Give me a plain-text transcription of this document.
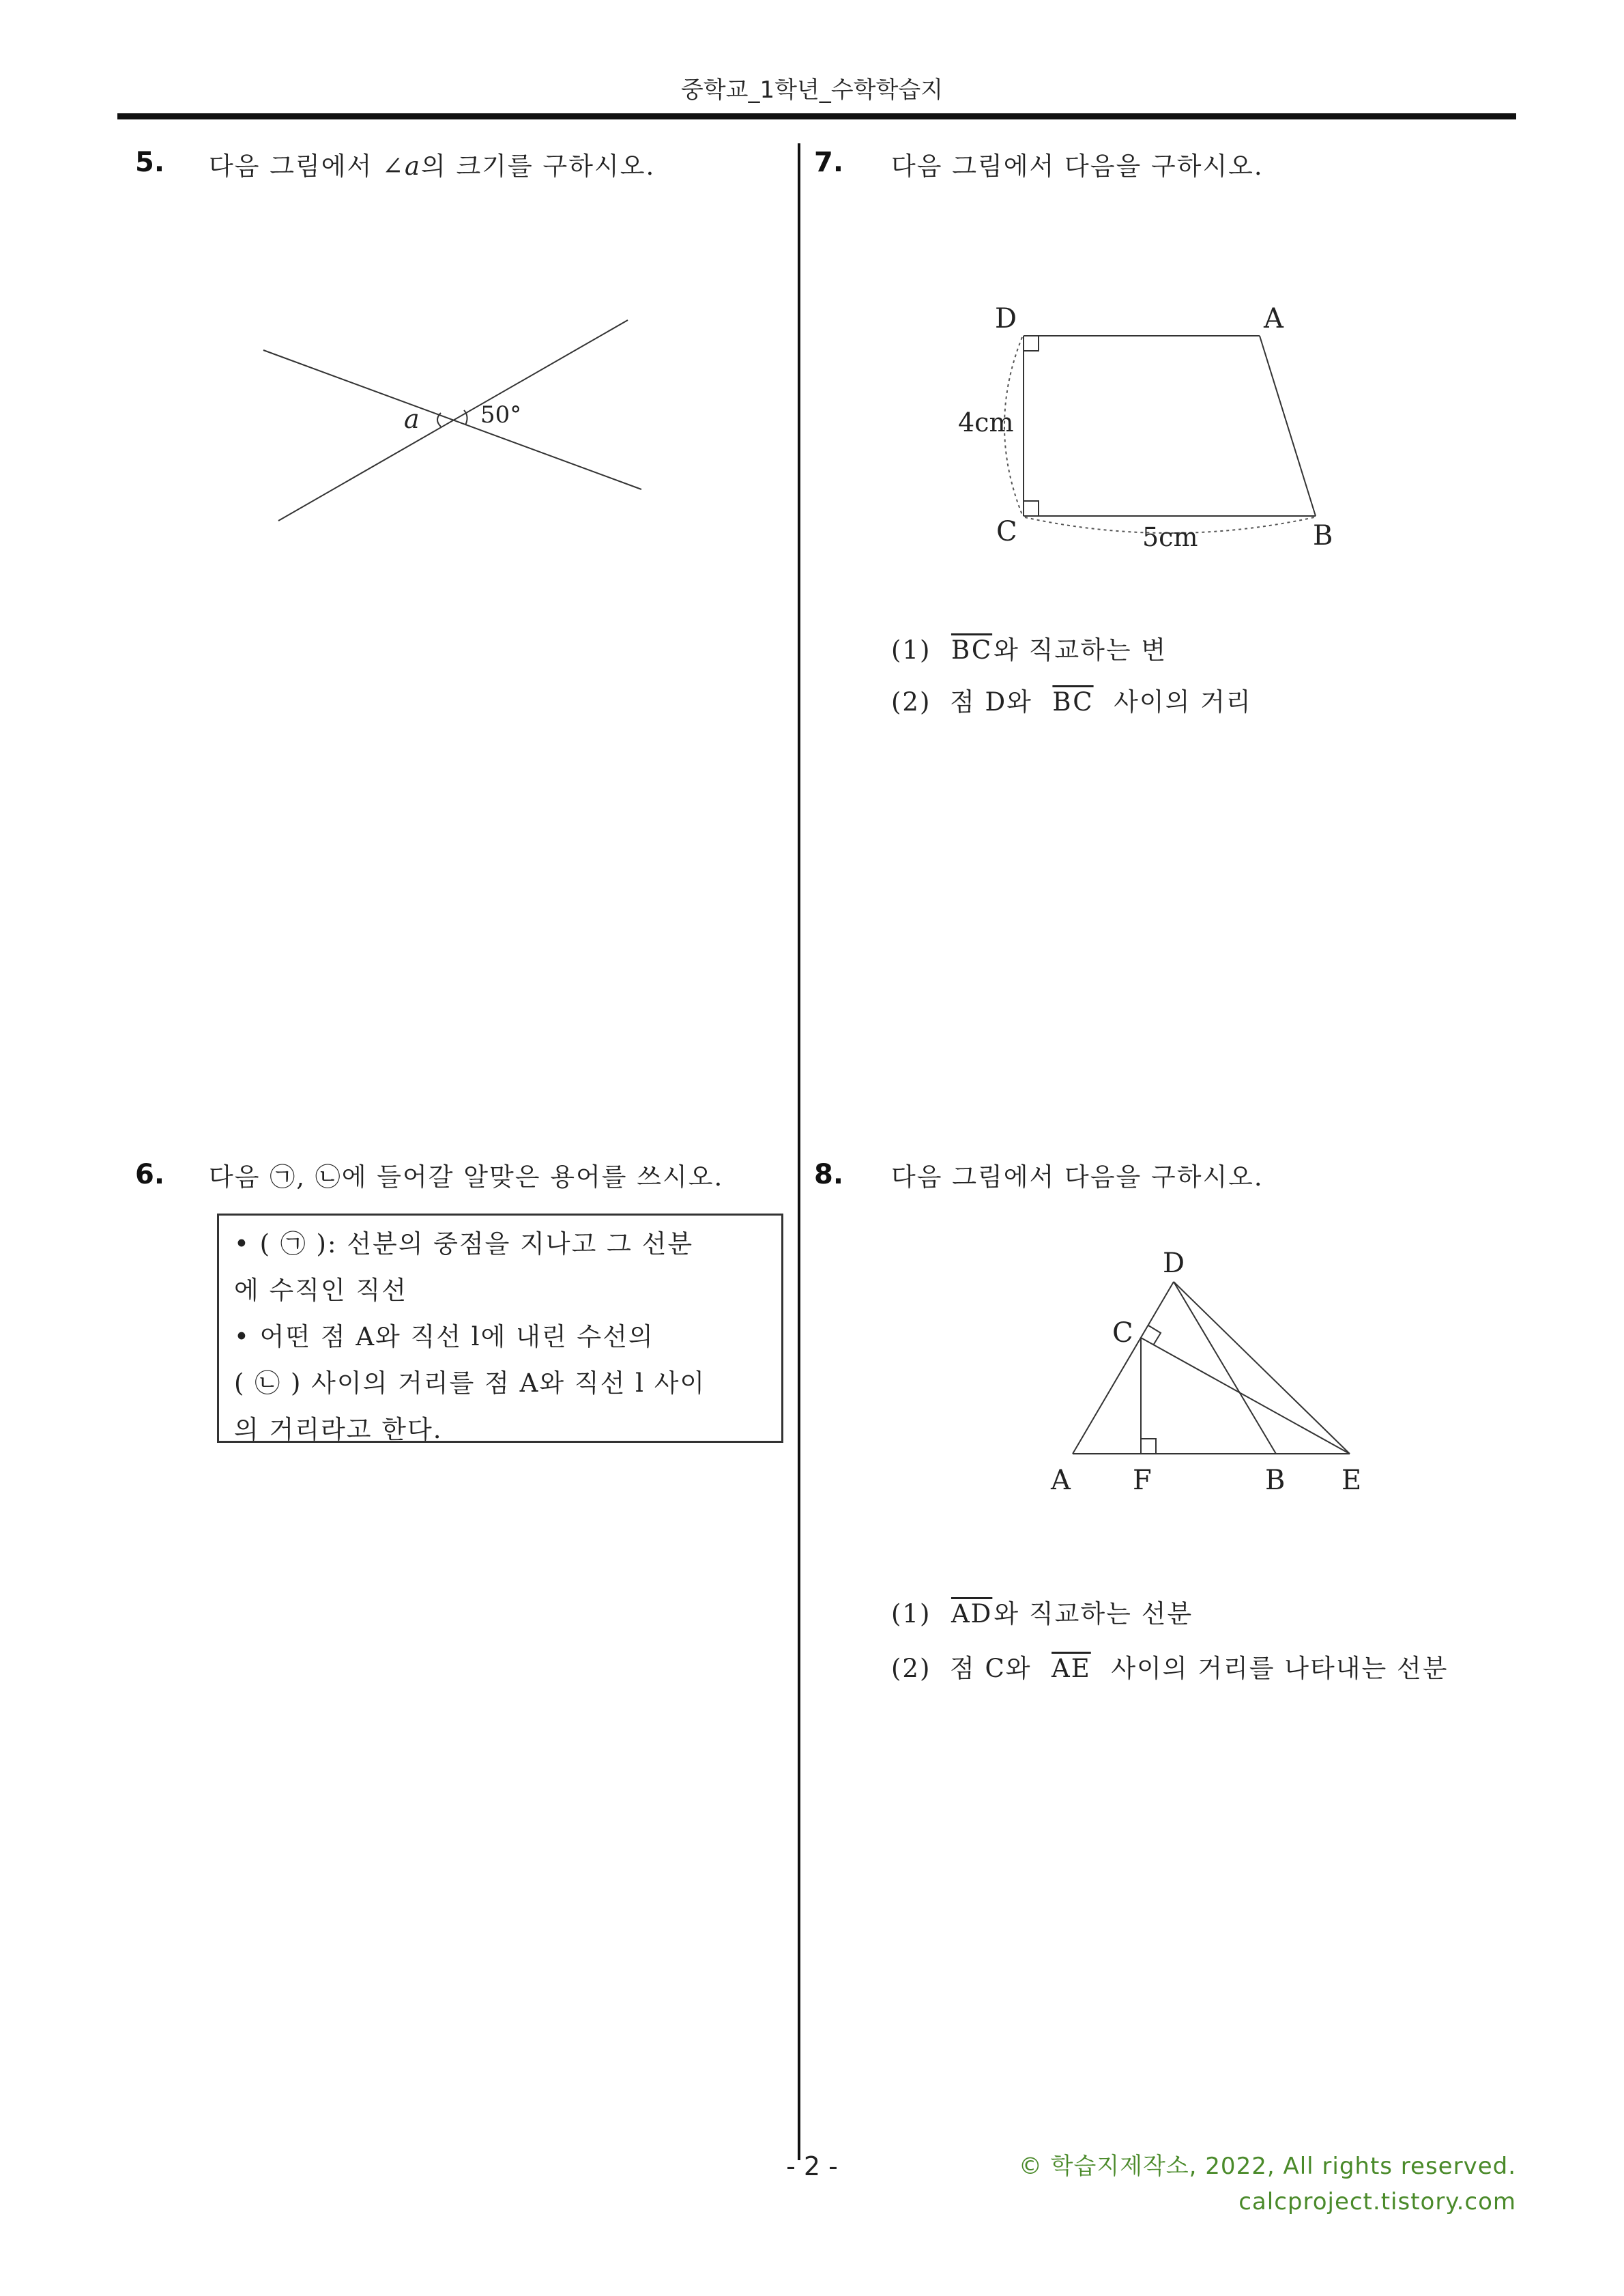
중학교_1학년_수학학습지
5. 다음 그림에서 ∠a의 크기를 구하시오.
a	50°
6. 다음 ㉠, ㉡에 들어갈 알맞은 용어를 쓰시오.
• ( ㉠ ): 선분의 중점을 지나고 그 선분
에 수직인 직선
• 어떤 점 A와 직선 l에 내린 수선의
( ㉡ ) 사이의 거리를 점 A와 직선 l 사이
의 거리라고 한다.
7. 다음 그림에서 다음을 구하시오.
D	A
C	B
4cm
5cm
(1) $\overline{BC}$와 직교하는 변
(2) 점 D와 $\overline{BC}$ 사이의 거리
8. 다음 그림에서 다음을 구하시오.
D
C
A F	B E
(1) $\overline{AD}$와 직교하는 선분
(2) 점 C와 $\overline{AE}$ 사이의 거리를 나타내는 선분
- 2 -	© 학습지제작소, 2022, All rights reserved.
calcproject.tistory.com
